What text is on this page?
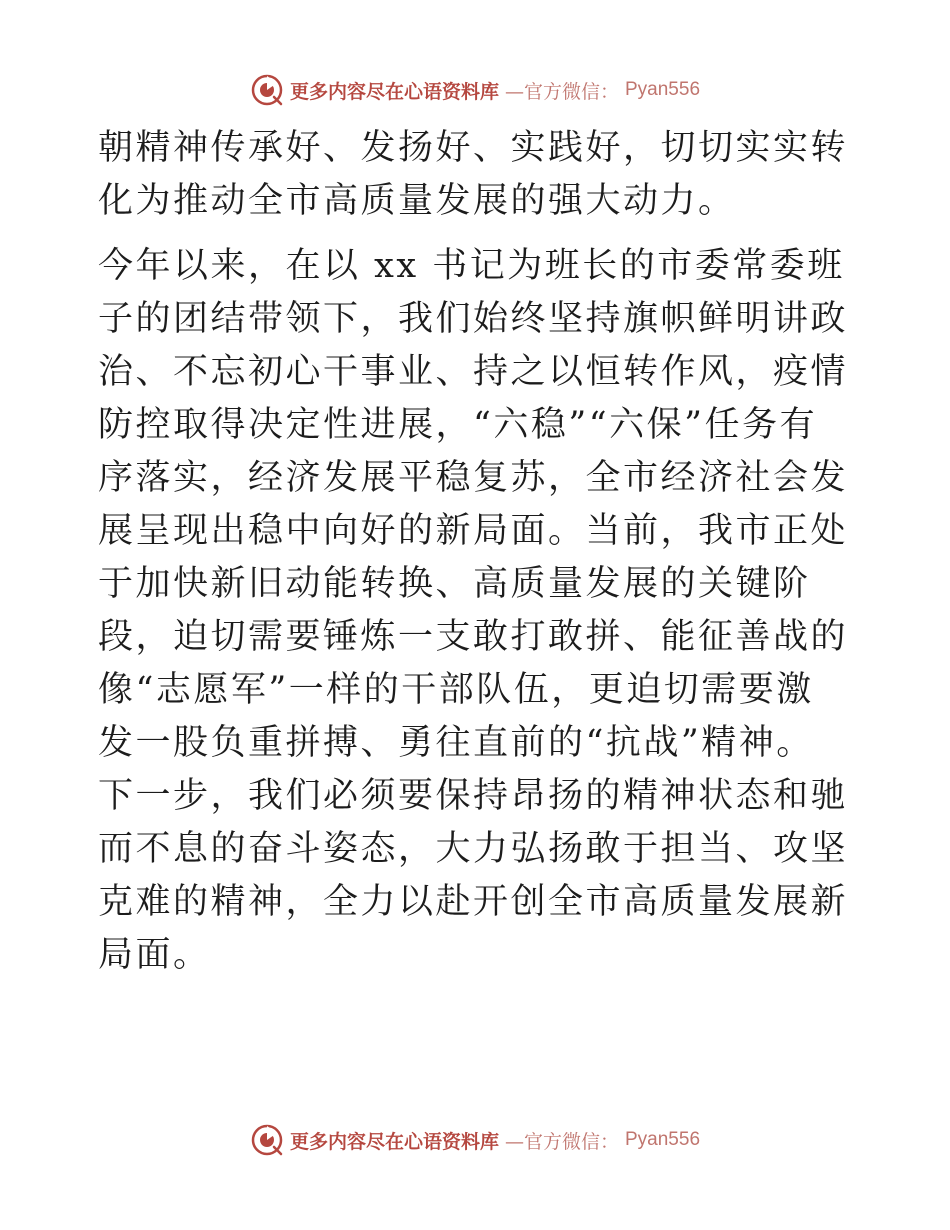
更多内容尽在心语资料库 —官方微信： Pyan556

朝精神传承好、发扬好、实践好，切切实实转化为推动全市高质量发展的强大动力。

今年以来，在以 xx 书记为班长的市委常委班子的团结带领下，我们始终坚持旗帜鲜明讲政治、不忘初心干事业、持之以恒转作风，疫情防控取得决定性进展，“六稳”“六保”任务有序落实，经济发展平稳复苏，全市经济社会发展呈现出稳中向好的新局面。当前，我市正处于加快新旧动能转换、高质量发展的关键阶段，迫切需要锤炼一支敢打敢拼、能征善战的像“志愿军”一样的干部队伍，更迫切需要激发一股负重拼搏、勇往直前的“抗战”精神。下一步，我们必须要保持昂扬的精神状态和驰而不息的奋斗姿态，大力弘扬敢于担当、攻坚克难的精神，全力以赴开创全市高质量发展新局面。

更多内容尽在心语资料库 —官方微信： Pyan556
